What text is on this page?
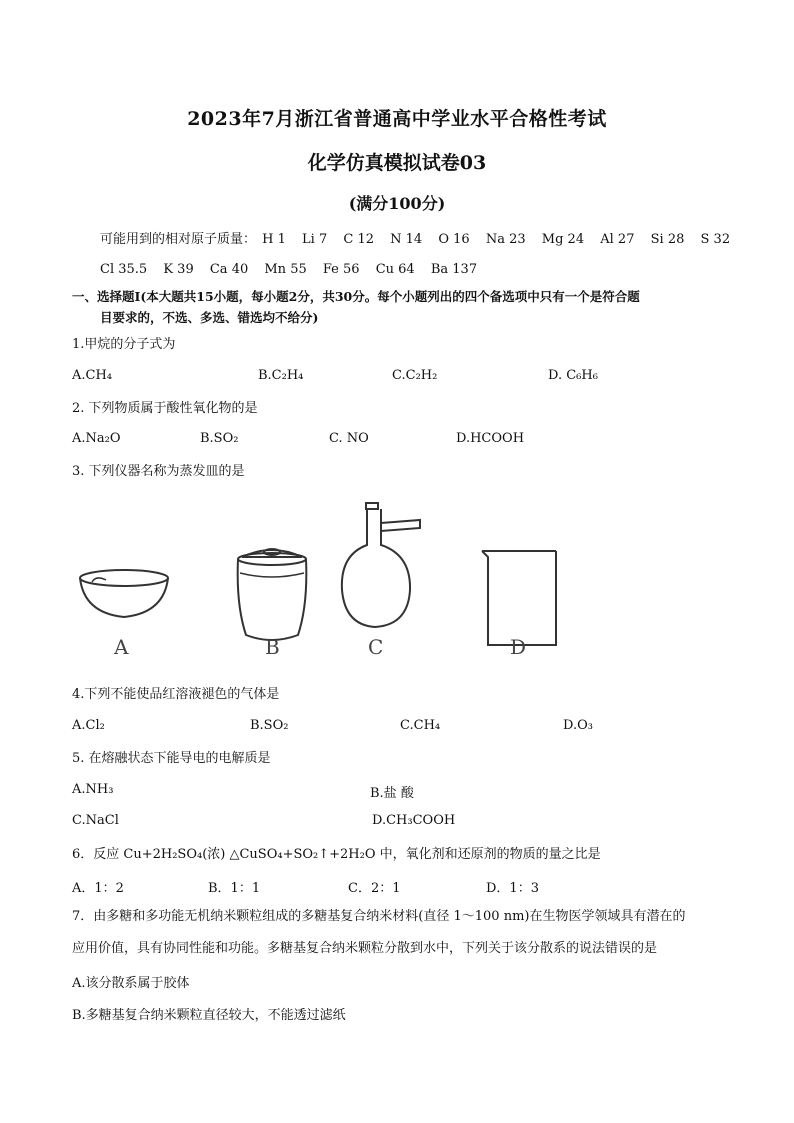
2023年7月浙江省普通高中学业水平合格性考试
化学仿真模拟试卷03
(满分100分)
可能用到的相对原子质量： H 1 Li 7 C 12 N 14 O 16 Na 23 Mg 24 Al 27 Si 28 S 32
Cl 35.5 K 39 Ca 40 Mn 55 Fe 56 Cu 64 Ba 137
一、选择题Ⅰ(本大题共15小题，每小题2分，共30分。每个小题列出的四个备选项中只有一个是符合题
目要求的，不选、多选、错选均不给分)
1.甲烷的分子式为
A.CH₄	B.C₂H₄	C.C₂H₂	D. C₆H₆
2. 下列物质属于酸性氧化物的是
A.Na₂O	B.SO₂	C. NO	D.HCOOH
3. 下列仪器名称为蒸发皿的是
A	B	C	D
4.下列不能使品红溶液褪色的气体是
A.Cl₂	B.SO₂	C.CH₄	D.O₃
5. 在熔融状态下能导电的电解质是
A.NH₃	B.盐 酸
C.NaCl	D.CH₃COOH
6．反应 Cu+2H₂SO₄(浓) △CuSO₄+SO₂↑+2H₂O 中，氧化剂和还原剂的物质的量之比是
A．1：2	B．1：1	C．2：1	D．1：3
7．由多糖和多功能无机纳米颗粒组成的多糖基复合纳米材料(直径 1～100 nm)在生物医学领域具有潜在的
应用价值，具有协同性能和功能。多糖基复合纳米颗粒分散到水中，下列关于该分散系的说法错误的是
A.该分散系属于胶体
B.多糖基复合纳米颗粒直径较大，不能透过滤纸
